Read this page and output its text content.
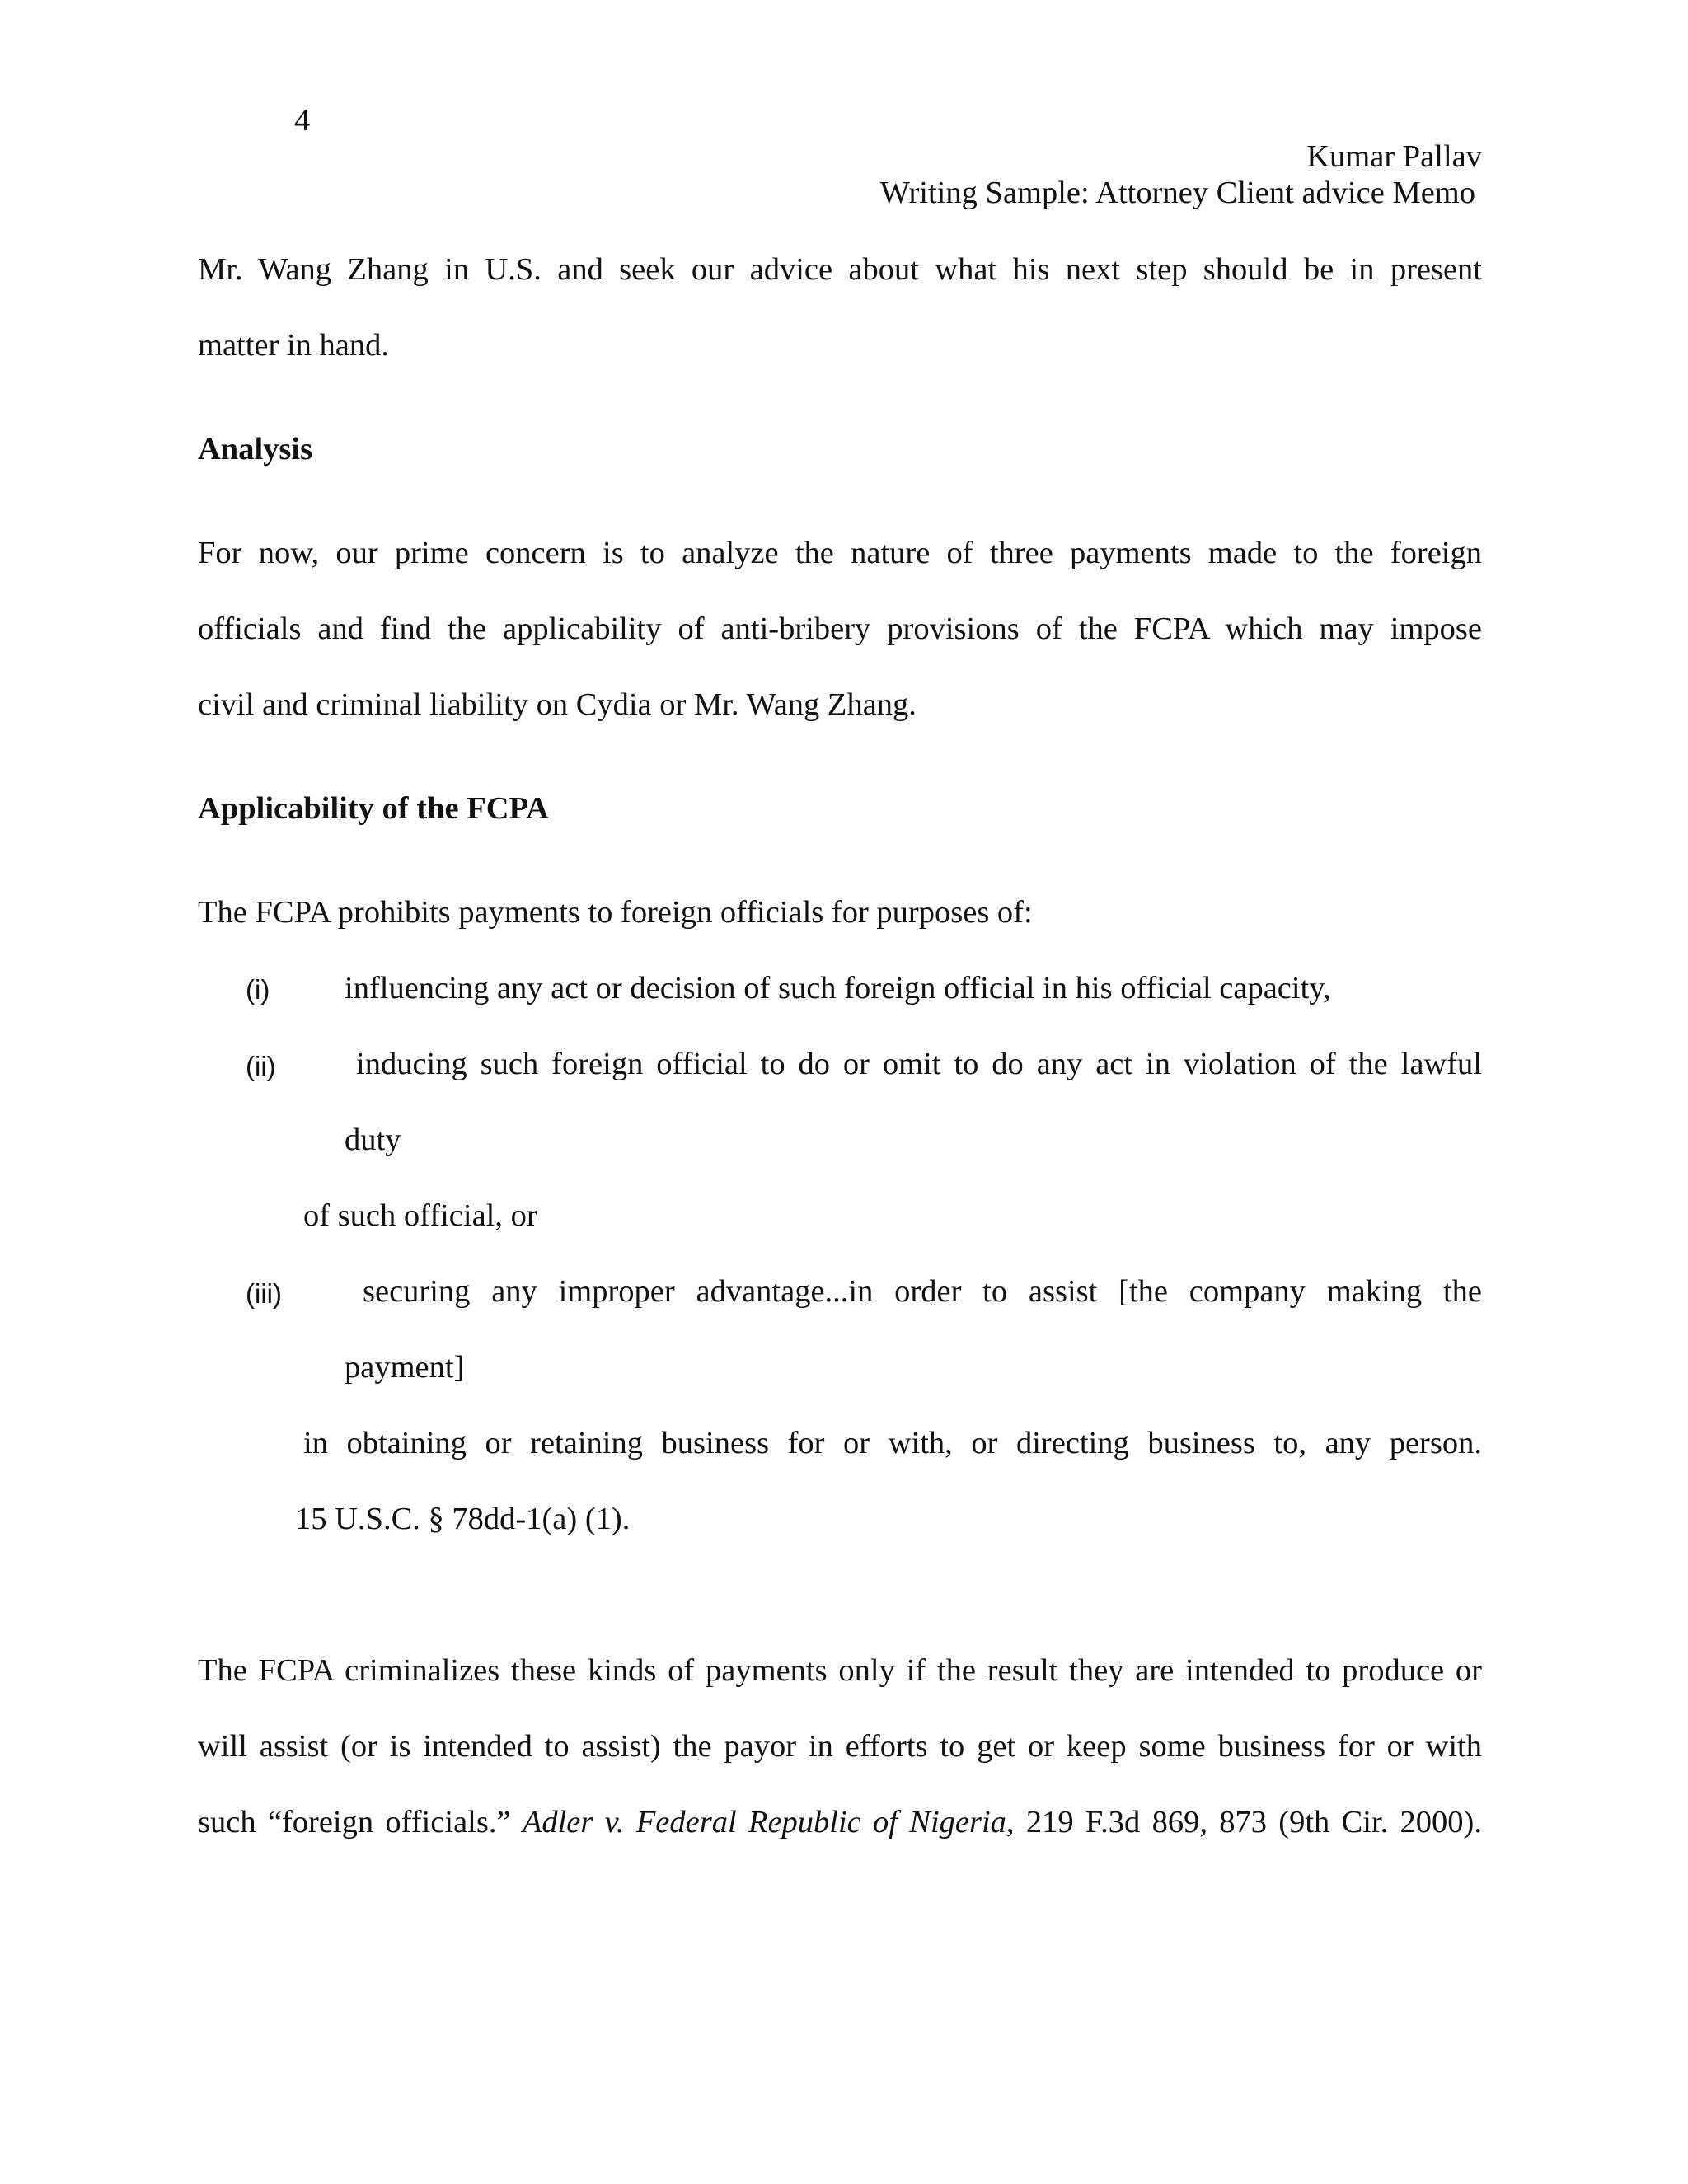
4
Kumar Pallav
Writing Sample: Attorney Client advice Memo
Mr. Wang Zhang in U.S. and seek our advice about what his next step should be in present
matter in hand.
Analysis
For now, our prime concern is to analyze the nature of three payments made to the foreign
officials and find the applicability of anti-bribery provisions of the FCPA which may impose
civil and criminal liability on Cydia or Mr. Wang Zhang.
Applicability of the FCPA
The FCPA prohibits payments to foreign officials for purposes of:
(i) influencing any act or decision of such foreign official in his official capacity,
(ii)	inducing such foreign official to do or omit to do any act in violation of the lawful
duty
of such official, or
(iii)	securing any improper advantage...in order to assist [the company making the
payment]
in obtaining or retaining business for or with, or directing business to, any person.
15 U.S.C. § 78dd-1(a) (1).
The FCPA criminalizes these kinds of payments only if the result they are intended to produce or
will assist (or is intended to assist) the payor in efforts to get or keep some business for or with
such “foreign officials.” Adler v. Federal Republic of Nigeria, 219 F.3d 869, 873 (9th Cir. 2000).
